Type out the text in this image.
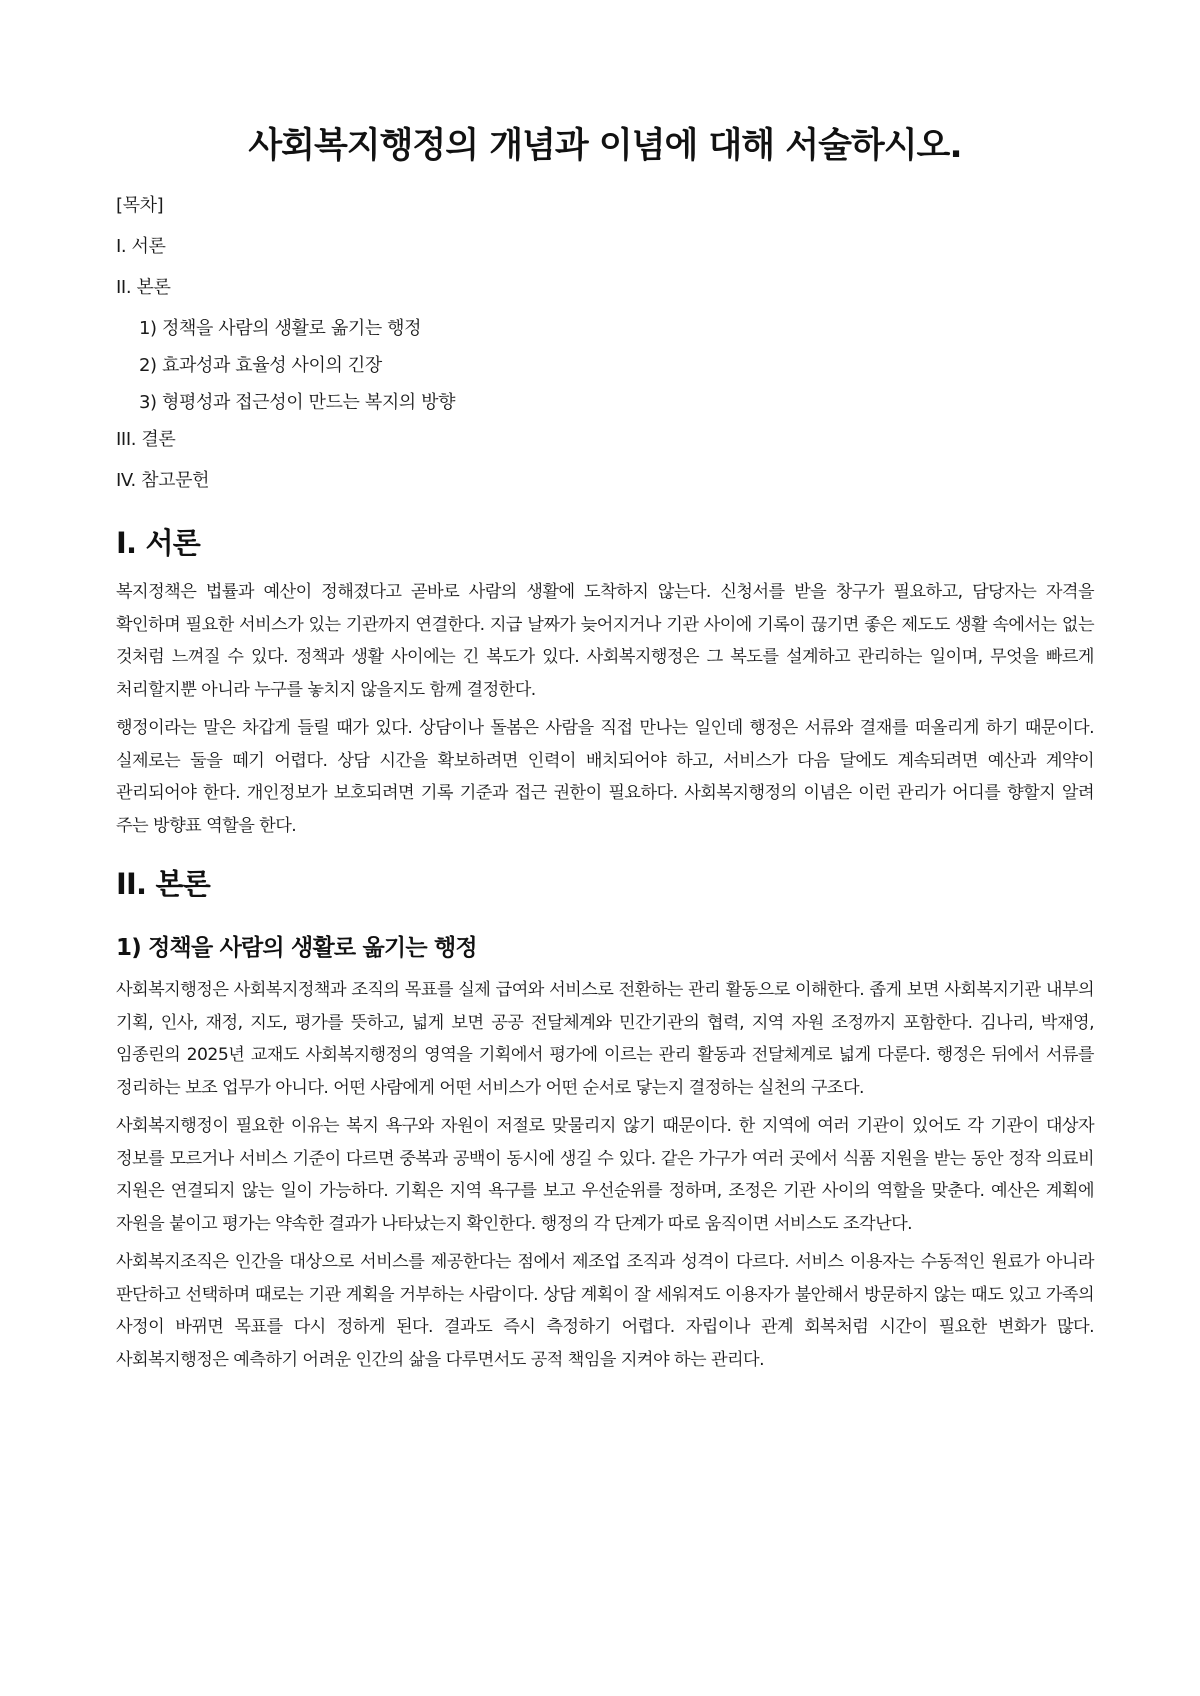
사회복지행정의 개념과 이념에 대해 서술하시오.
[목차]
I. 서론
II. 본론
1) 정책을 사람의 생활로 옮기는 행정
2) 효과성과 효율성 사이의 긴장
3) 형평성과 접근성이 만드는 복지의 방향
III. 결론
IV. 참고문헌
I. 서론

복지정책은 법률과 예산이 정해졌다고 곧바로 사람의 생활에 도착하지 않는다. 신청서를 받을 창구가 필요하고, 담당자는 자격을 확인하며 필요한 서비스가 있는 기관까지 연결한다. 지급 날짜가 늦어지거나 기관 사이에 기록이 끊기면 좋은 제도도 생활 속에서는 없는 것처럼 느껴질 수 있다. 정책과 생활 사이에는 긴 복도가 있다. 사회복지행정은 그 복도를 설계하고 관리하는 일이며, 무엇을 빠르게 처리할지뿐 아니라 누구를 놓치지 않을지도 함께 결정한다.

행정이라는 말은 차갑게 들릴 때가 있다. 상담이나 돌봄은 사람을 직접 만나는 일인데 행정은 서류와 결재를 떠올리게 하기 때문이다. 실제로는 둘을 떼기 어렵다. 상담 시간을 확보하려면 인력이 배치되어야 하고, 서비스가 다음 달에도 계속되려면 예산과 계약이 관리되어야 한다. 개인정보가 보호되려면 기록 기준과 접근 권한이 필요하다. 사회복지행정의 이념은 이런 관리가 어디를 향할지 알려 주는 방향표 역할을 한다.

II. 본론
1) 정책을 사람의 생활로 옮기는 행정

사회복지행정은 사회복지정책과 조직의 목표를 실제 급여와 서비스로 전환하는 관리 활동으로 이해한다. 좁게 보면 사회복지기관 내부의 기획, 인사, 재정, 지도, 평가를 뜻하고, 넓게 보면 공공 전달체계와 민간기관의 협력, 지역 자원 조정까지 포함한다. 김나리, 박재영, 임종린의 2025년 교재도 사회복지행정의 영역을 기획에서 평가에 이르는 관리 활동과 전달체계로 넓게 다룬다. 행정은 뒤에서 서류를 정리하는 보조 업무가 아니다. 어떤 사람에게 어떤 서비스가 어떤 순서로 닿는지 결정하는 실천의 구조다.

사회복지행정이 필요한 이유는 복지 욕구와 자원이 저절로 맞물리지 않기 때문이다. 한 지역에 여러 기관이 있어도 각 기관이 대상자 정보를 모르거나 서비스 기준이 다르면 중복과 공백이 동시에 생길 수 있다. 같은 가구가 여러 곳에서 식품 지원을 받는 동안 정작 의료비 지원은 연결되지 않는 일이 가능하다. 기획은 지역 욕구를 보고 우선순위를 정하며, 조정은 기관 사이의 역할을 맞춘다. 예산은 계획에 자원을 붙이고 평가는 약속한 결과가 나타났는지 확인한다. 행정의 각 단계가 따로 움직이면 서비스도 조각난다.

사회복지조직은 인간을 대상으로 서비스를 제공한다는 점에서 제조업 조직과 성격이 다르다. 서비스 이용자는 수동적인 원료가 아니라 판단하고 선택하며 때로는 기관 계획을 거부하는 사람이다. 상담 계획이 잘 세워져도 이용자가 불안해서 방문하지 않는 때도 있고 가족의 사정이 바뀌면 목표를 다시 정하게 된다. 결과도 즉시 측정하기 어렵다. 자립이나 관계 회복처럼 시간이 필요한 변화가 많다. 사회복지행정은 예측하기 어려운 인간의 삶을 다루면서도 공적 책임을 지켜야 하는 관리다.
